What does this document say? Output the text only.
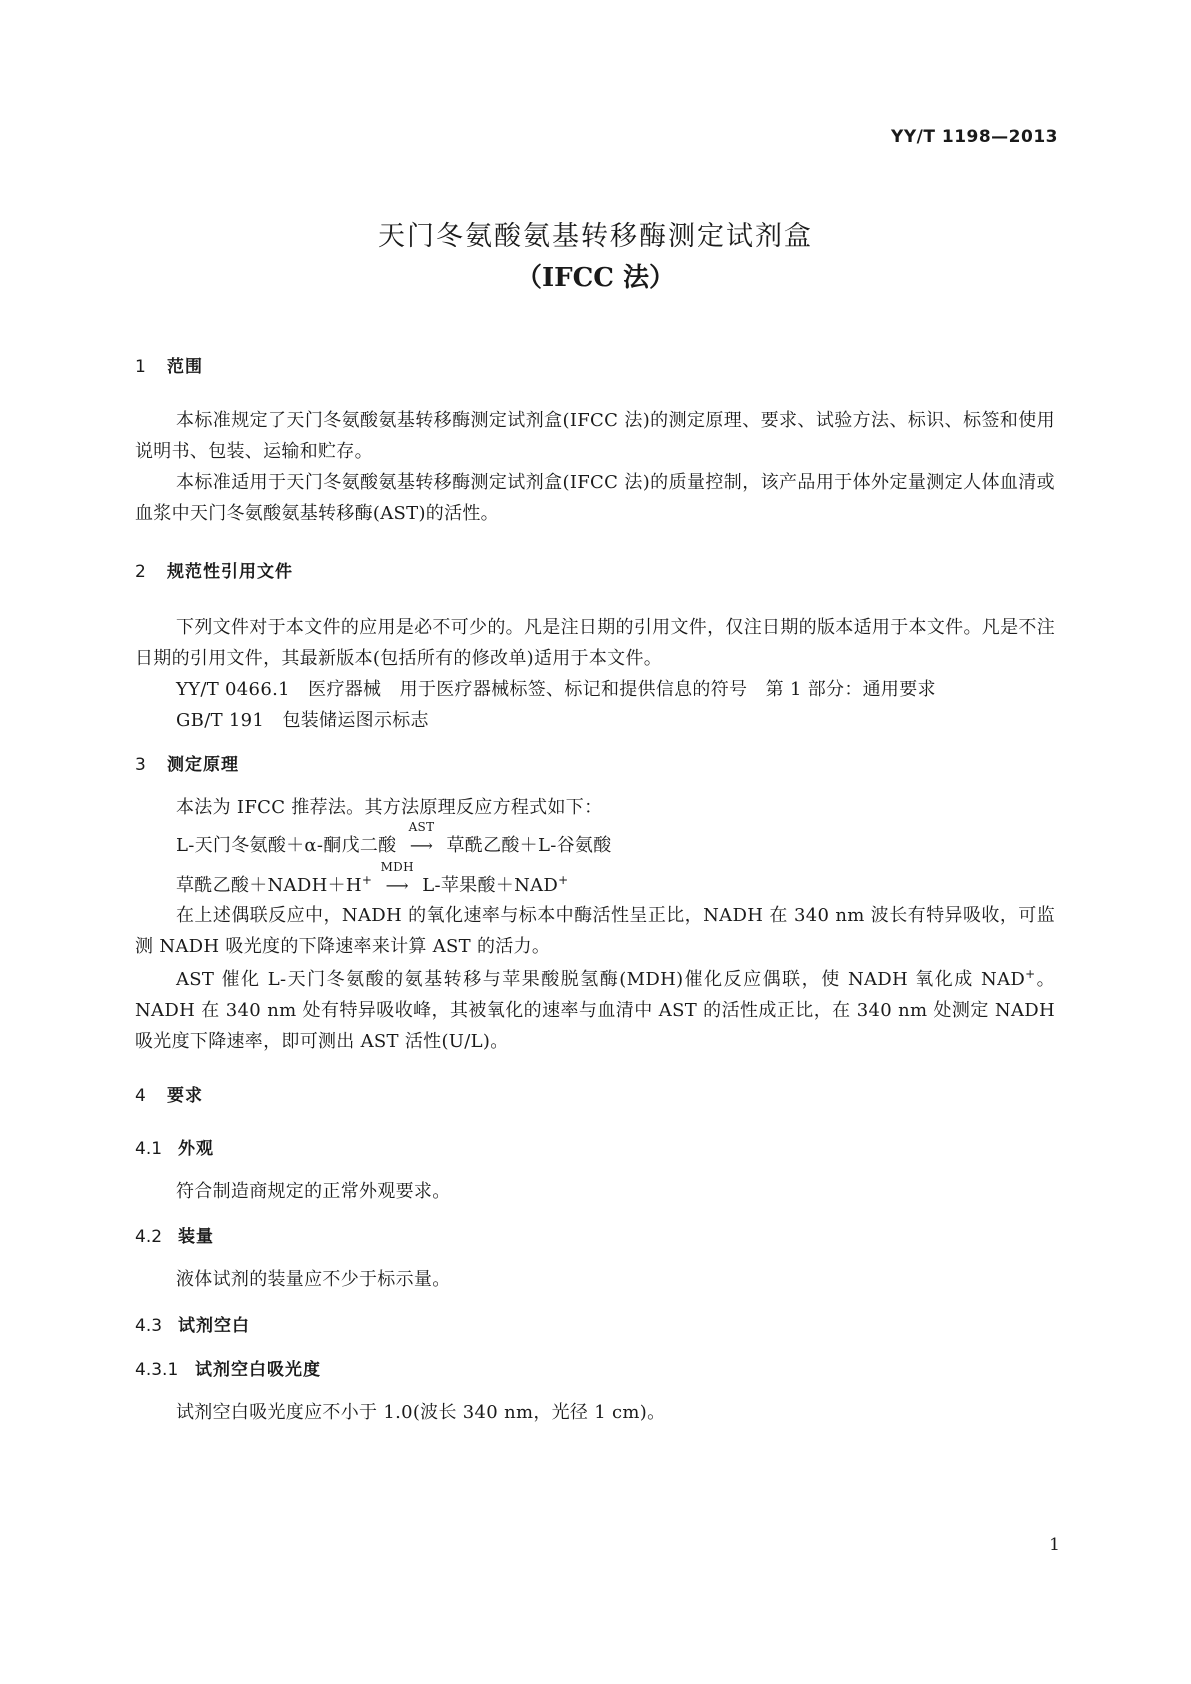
YY/T 1198—2013
天门冬氨酸氨基转移酶测定试剂盒
（IFCC 法）
1 范围
本标准规定了天门冬氨酸氨基转移酶测定试剂盒(IFCC 法)的测定原理、要求、试验方法、标识、标签和使用说明书、包装、运输和贮存。
本标准适用于天门冬氨酸氨基转移酶测定试剂盒(IFCC 法)的质量控制，该产品用于体外定量测定人体血清或血浆中天门冬氨酸氨基转移酶(AST)的活性。
2 规范性引用文件
下列文件对于本文件的应用是必不可少的。凡是注日期的引用文件，仅注日期的版本适用于本文件。凡是不注日期的引用文件，其最新版本(包括所有的修改单)适用于本文件。
YY/T 0466.1　医疗器械　用于医疗器械标签、标记和提供信息的符号　第 1 部分：通用要求
GB/T 191　包装储运图示标志
3 测定原理
本法为 IFCC 推荐法。其方法原理反应方程式如下：
L-天门冬氨酸＋α-酮戊二酸
AST
⟶ 草酰乙酸＋L-谷氨酸
草酰乙酸＋NADH＋H+
MDH
⟶ L-苹果酸＋NAD+
在上述偶联反应中，NADH 的氧化速率与标本中酶活性呈正比，NADH 在 340 nm 波长有特异吸收，可监测 NADH 吸光度的下降速率来计算 AST 的活力。
AST 催化 L-天门冬氨酸的氨基转移与苹果酸脱氢酶(MDH)催化反应偶联，使 NADH 氧化成 NAD+。NADH 在 340 nm 处有特异吸收峰，其被氧化的速率与血清中 AST 的活性成正比，在 340 nm 处测定 NADH 吸光度下降速率，即可测出 AST 活性(U/L)。
4 要求
4.1 外观
符合制造商规定的正常外观要求。
4.2 装量
液体试剂的装量应不少于标示量。
4.3 试剂空白
4.3.1 试剂空白吸光度
试剂空白吸光度应不小于 1.0(波长 340 nm，光径 1 cm)。
1
